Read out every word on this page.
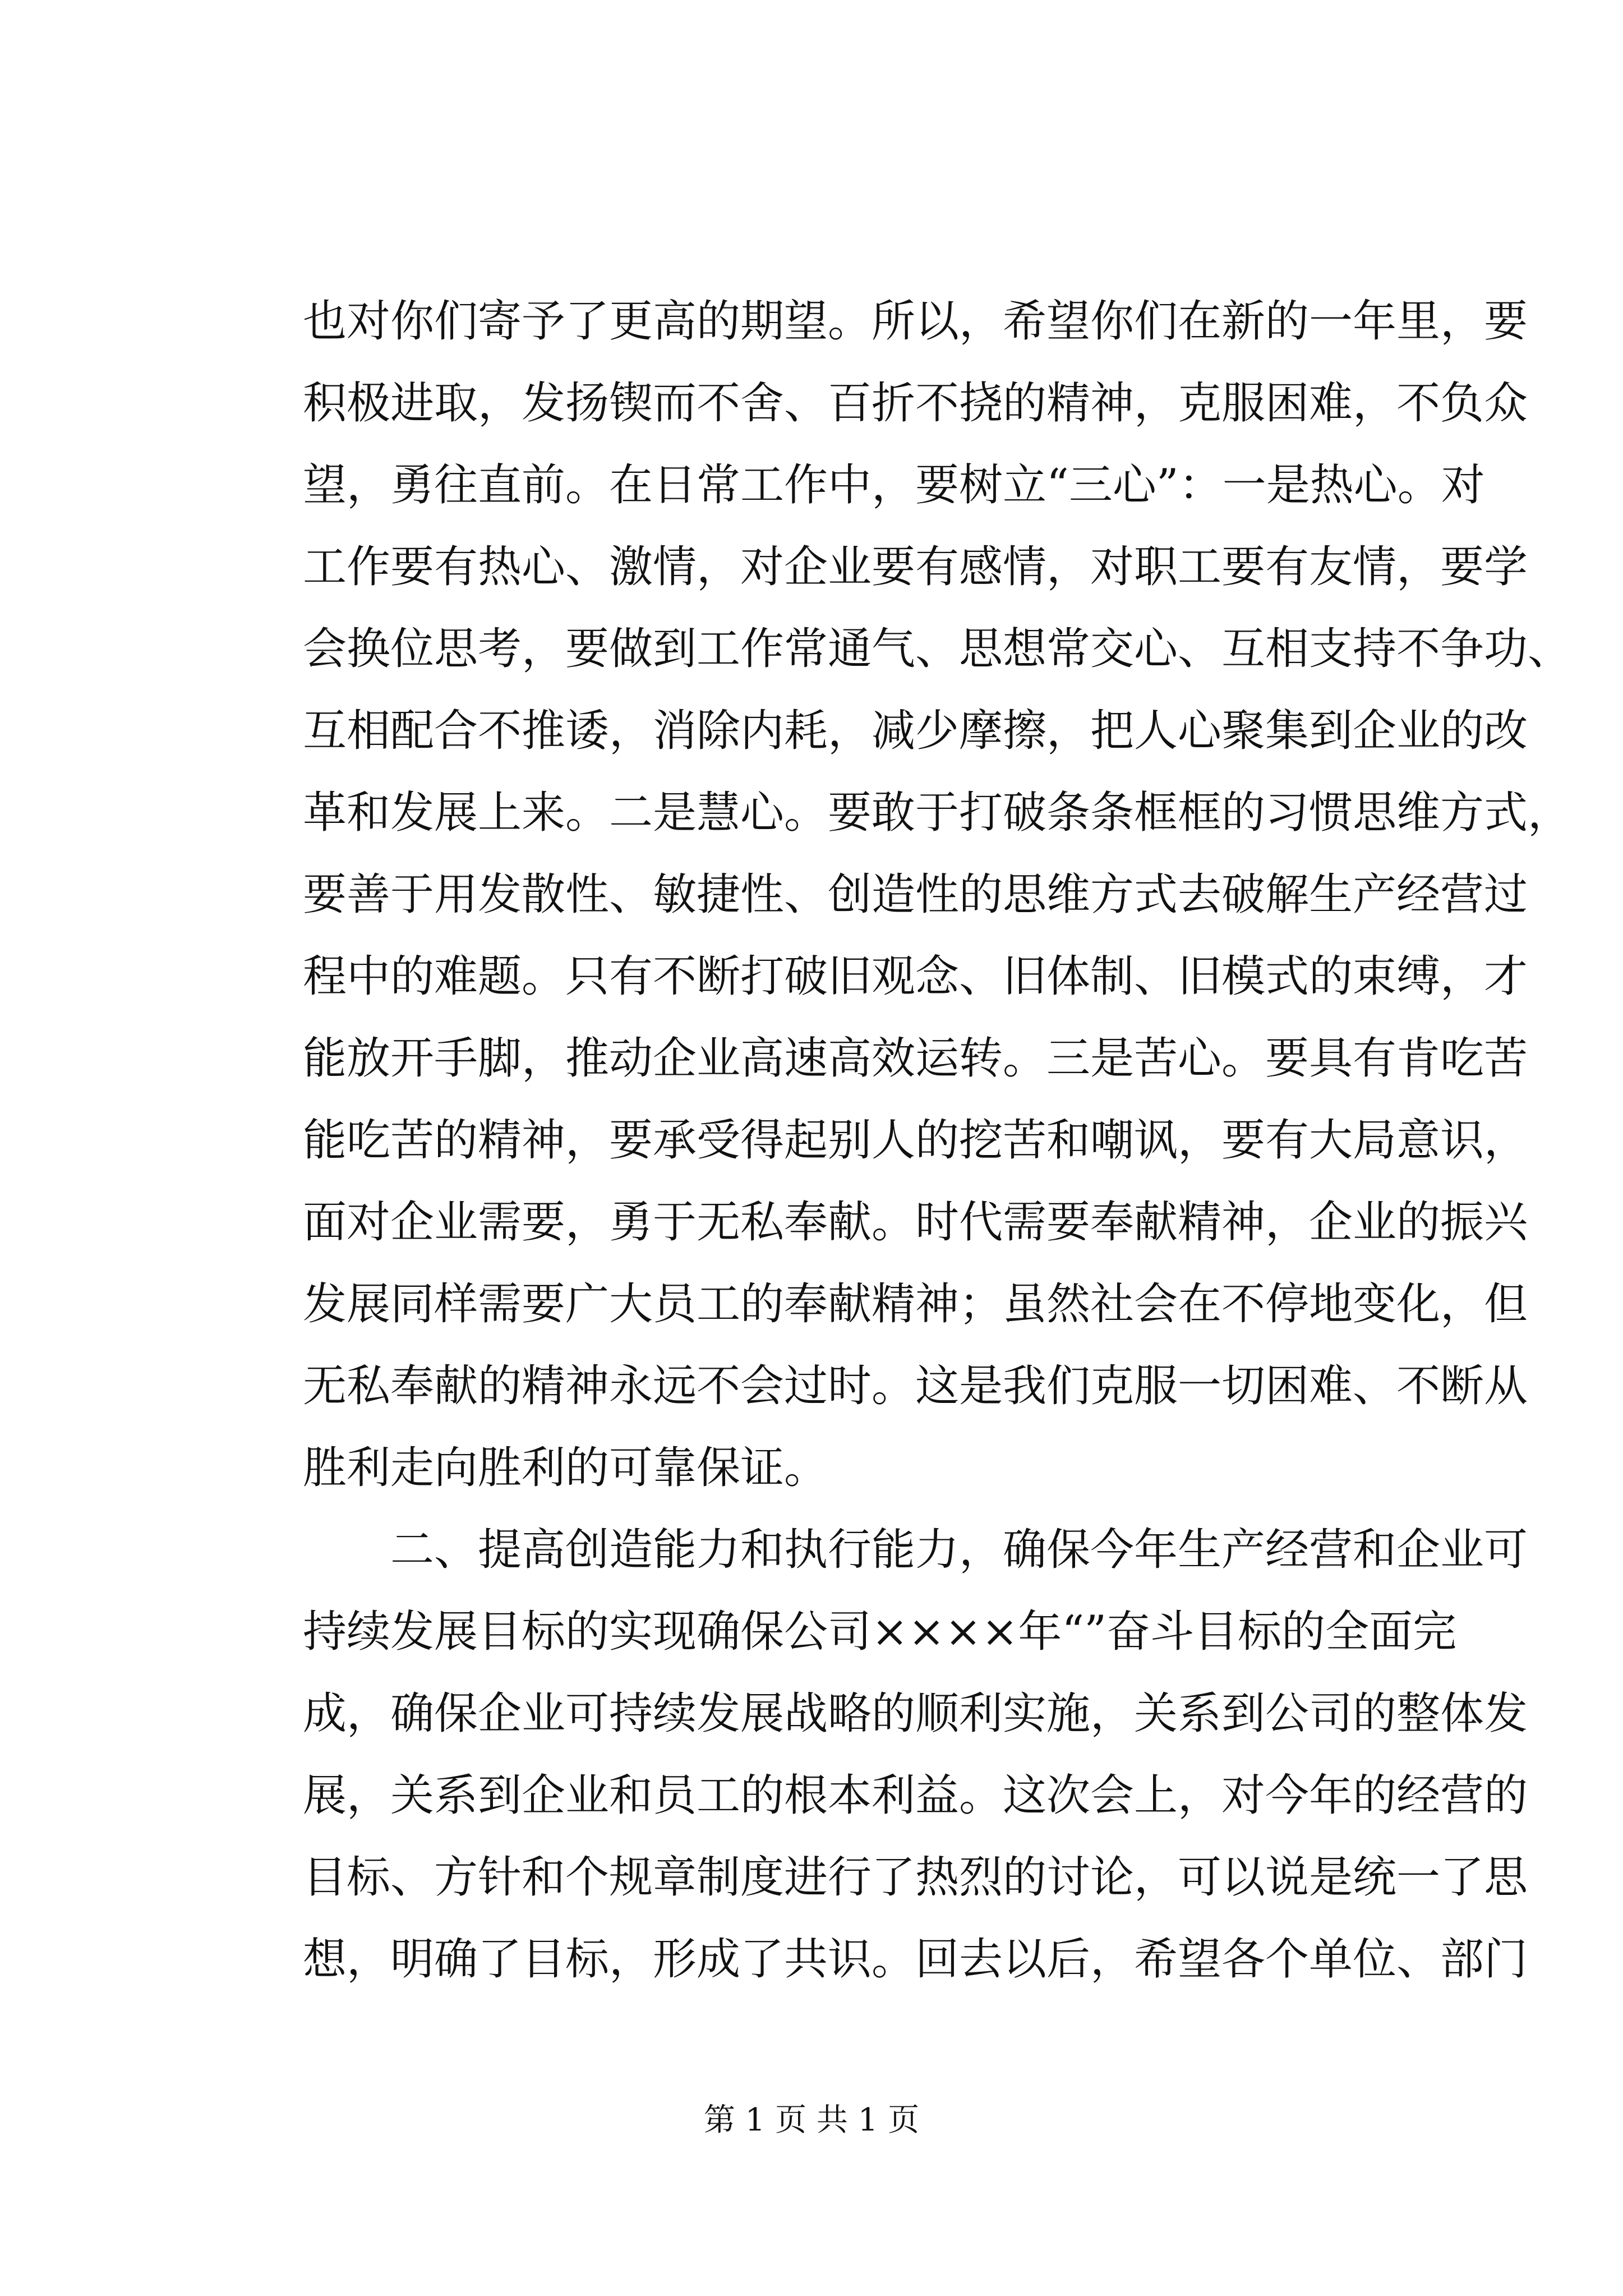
也对你们寄予了更高的期望。所以，希望你们在新的一年里，要
积极进取，发扬锲而不舍、百折不挠的精神，克服困难，不负众
望，勇往直前。在日常工作中，要树立“三心”：一是热心。对
工作要有热心、激情，对企业要有感情，对职工要有友情，要学
会换位思考，要做到工作常通气、思想常交心、互相支持不争功、
互相配合不推诿，消除内耗，减少摩擦，把人心聚集到企业的改
革和发展上来。二是慧心。要敢于打破条条框框的习惯思维方式，
要善于用发散性、敏捷性、创造性的思维方式去破解生产经营过
程中的难题。只有不断打破旧观念、旧体制、旧模式的束缚，才
能放开手脚，推动企业高速高效运转。三是苦心。要具有肯吃苦
能吃苦的精神，要承受得起别人的挖苦和嘲讽，要有大局意识，
面对企业需要，勇于无私奉献。时代需要奉献精神，企业的振兴
发展同样需要广大员工的奉献精神；虽然社会在不停地变化，但
无私奉献的精神永远不会过时。这是我们克服一切困难、不断从
胜利走向胜利的可靠保证。
二、提高创造能力和执行能力，确保今年生产经营和企业可
持续发展目标的实现确保公司××××年“”奋斗目标的全面完
成，确保企业可持续发展战略的顺利实施，关系到公司的整体发
展，关系到企业和员工的根本利益。这次会上，对今年的经营的
目标、方针和个规章制度进行了热烈的讨论，可以说是统一了思
想，明确了目标，形成了共识。回去以后，希望各个单位、部门
第 1 页 共 1 页
